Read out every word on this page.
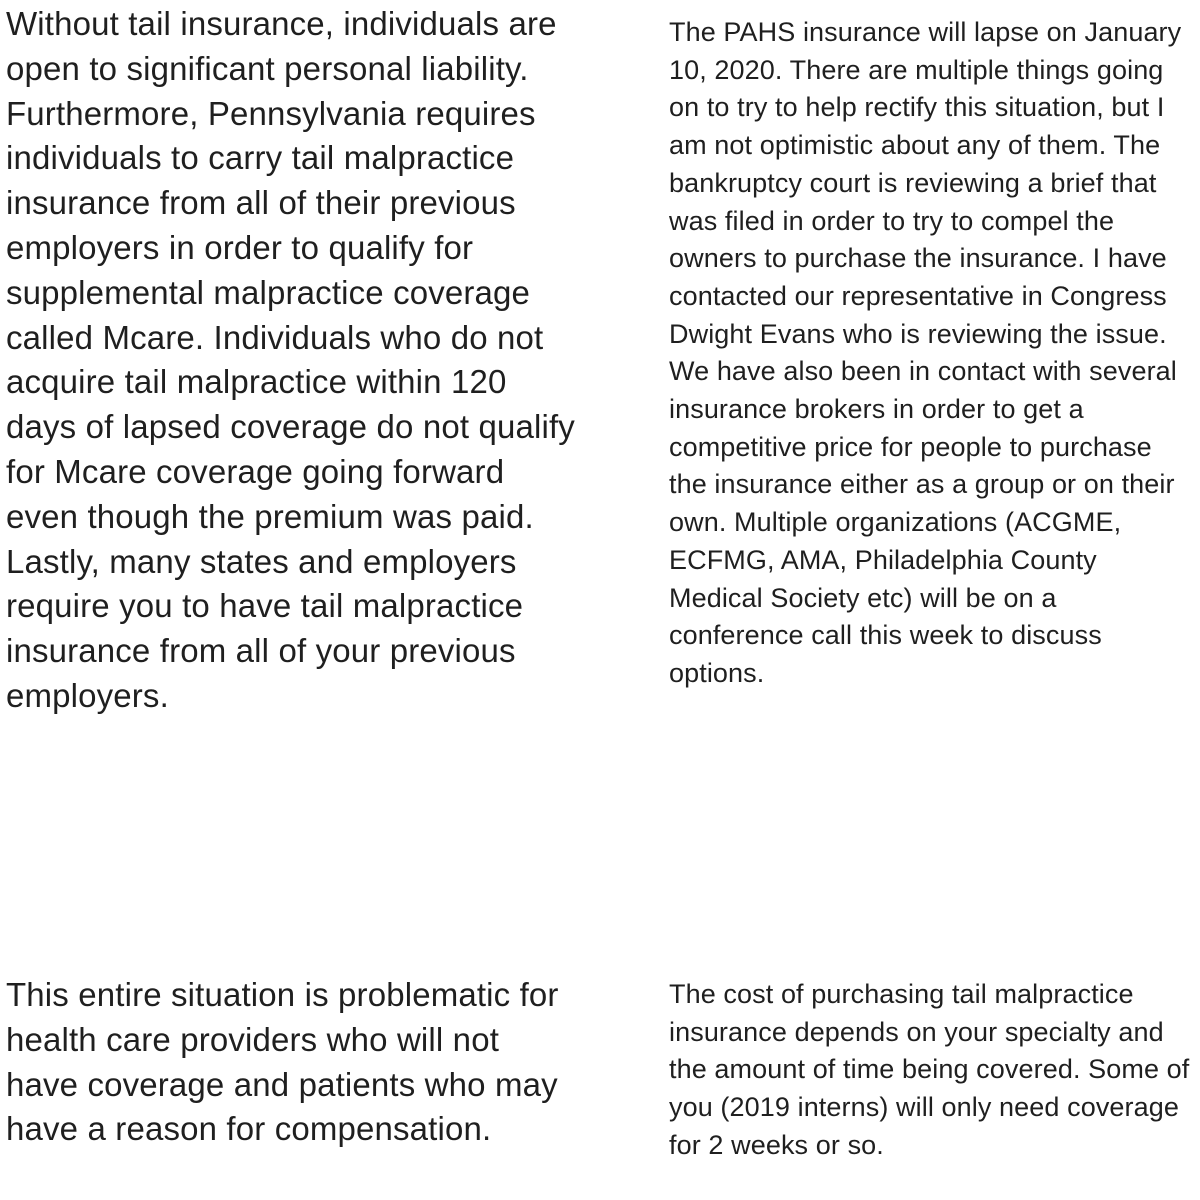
Without tail insurance, individuals are open to significant personal liability. Furthermore, Pennsylvania requires individuals to carry tail malpractice insurance from all of their previous employers in order to qualify for supplemental malpractice coverage called Mcare. Individuals who do not acquire tail malpractice within 120 days of lapsed coverage do not qualify for Mcare coverage going forward even though the premium was paid. Lastly, many states and employers require you to have tail malpractice insurance from all of your previous employers.

The PAHS insurance will lapse on January 10, 2020. There are multiple things going on to try to help rectify this situation, but I am not optimistic about any of them. The bankruptcy court is reviewing a brief that was filed in order to try to compel the owners to purchase the insurance. I have contacted our representative in Congress Dwight Evans who is reviewing the issue. We have also been in contact with several insurance brokers in order to get a competitive price for people to purchase the insurance either as a group or on their own. Multiple organizations (ACGME, ECFMG, AMA, Philadelphia County Medical Society etc) will be on a conference call this week to discuss options.

This entire situation is problematic for health care providers who will not have coverage and patients who may have a reason for compensation.

The cost of purchasing tail malpractice insurance depends on your specialty and the amount of time being covered. Some of you (2019 interns) will only need coverage for 2 weeks or so.
